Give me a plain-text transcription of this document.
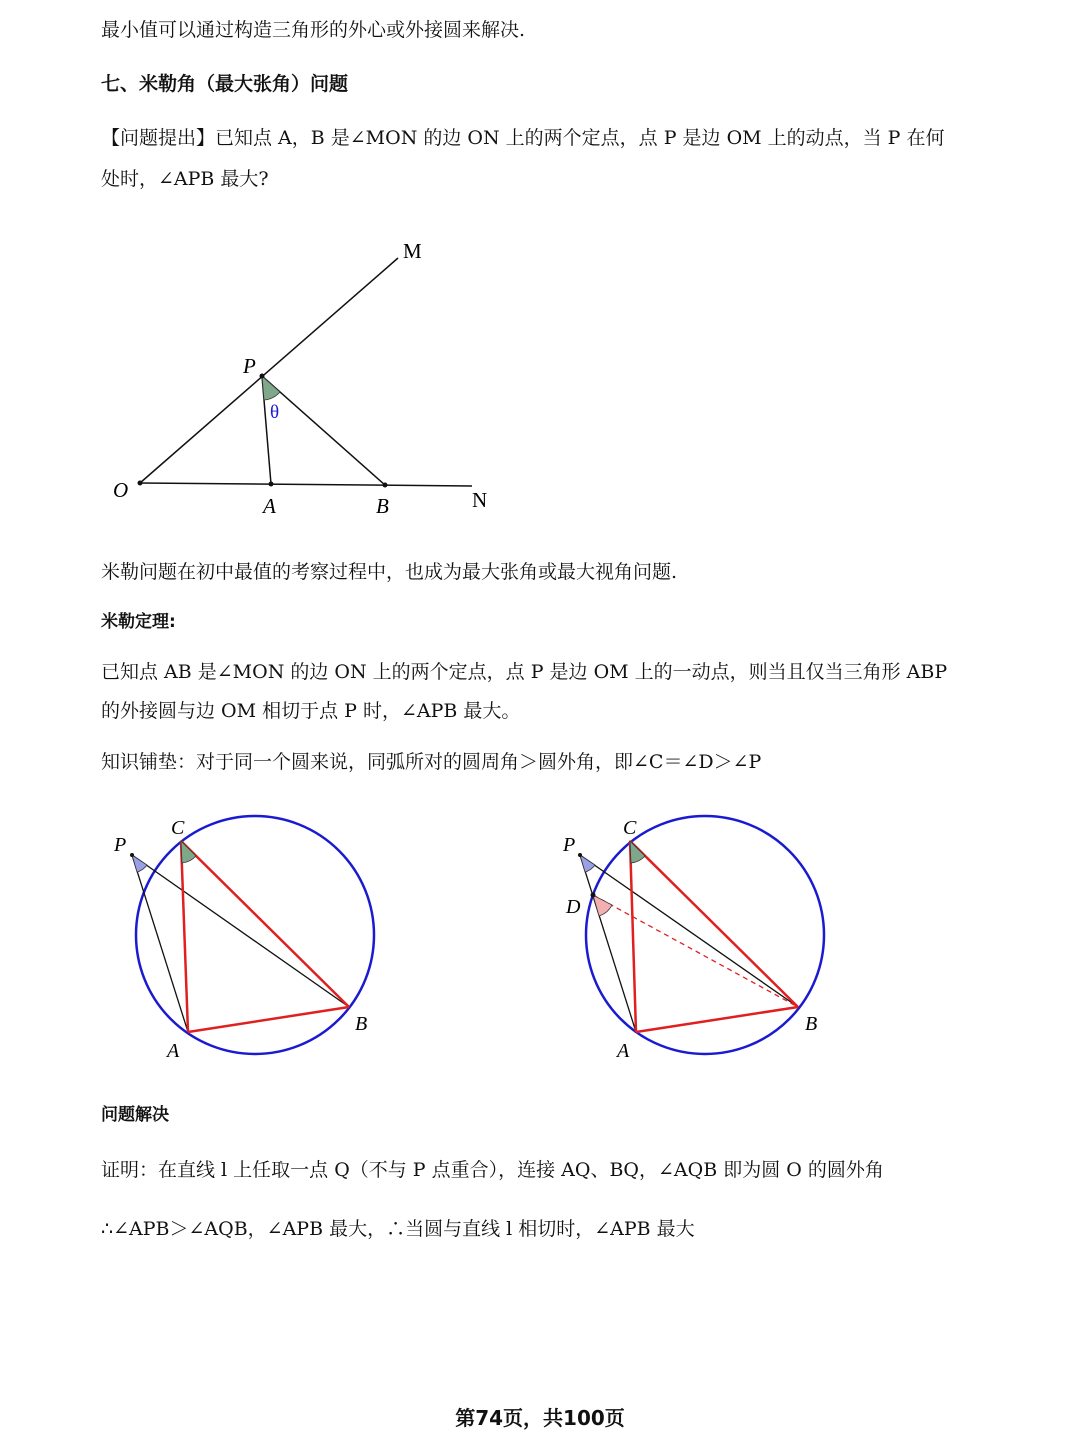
最小值可以通过构造三角形的外心或外接圆来解决.
七、米勒角（最大张角）问题
【问题提出】已知点 A，B 是∠MON 的边 ON 上的两个定点，点 P 是边 OM 上的动点，当 P 在何
处时，∠APB 最大?
M
P
θ
O
A	B	N
米勒问题在初中最值的考察过程中，也成为最大张角或最大视角问题.
米勒定理:
已知点 AB 是∠MON 的边 ON 上的两个定点，点 P 是边 OM 上的一动点，则当且仅当三角形 ABP
的外接圆与边 OM 相切于点 P 时，∠APB 最大。
知识铺垫：对于同一个圆来说，同弧所对的圆周角＞圆外角，即∠C＝∠D＞∠P
P
C
A
B
P
C
D
A
B
问题解决
证明：在直线 l 上任取一点 Q（不与 P 点重合），连接 AQ、BQ，∠AQB 即为圆 O 的圆外角
∴∠APB＞∠AQB，∠APB 最大，∴当圆与直线 l 相切时，∠APB 最大
第74页，共100页
